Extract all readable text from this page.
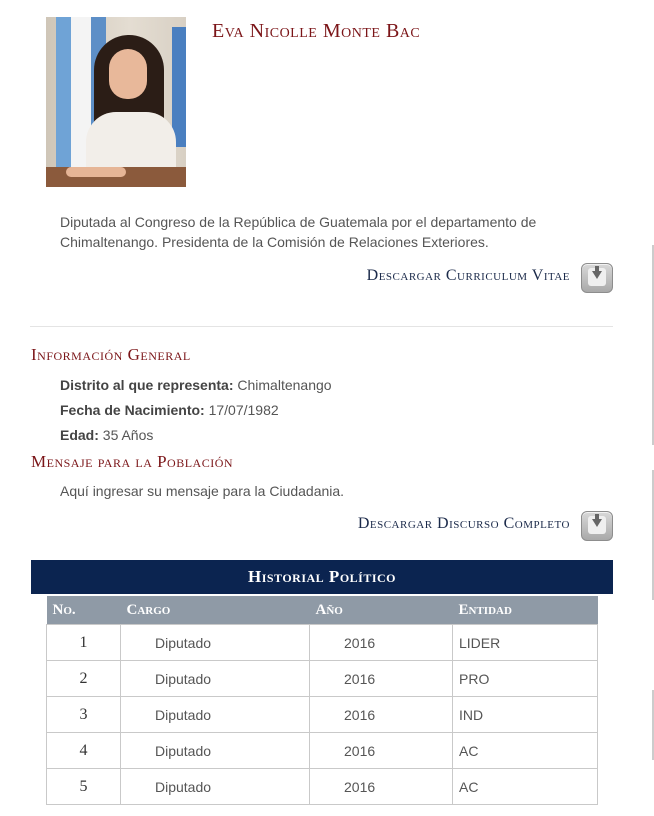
Eva Nicolle Monte Bac

Diputada al Congreso de la República de Guatemala por el departamento de Chimaltenango. Presidenta de la Comisión de Relaciones Exteriores.

Descargar Curriculum Vitae
Información General
Distrito al que representa: Chimaltenango
Fecha de Nacimiento: 17/07/1982
Edad: 35 Años
Mensaje para la Población
Aquí ingresar su mensaje para la Ciudadania.
Descargar Discurso Completo
Historial Político
No.	Cargo	Año	Entidad
1	Diputado	2016	LIDER
2	Diputado	2016	PRO
3	Diputado	2016	IND
4	Diputado	2016	AC
5	Diputado	2016	AC
